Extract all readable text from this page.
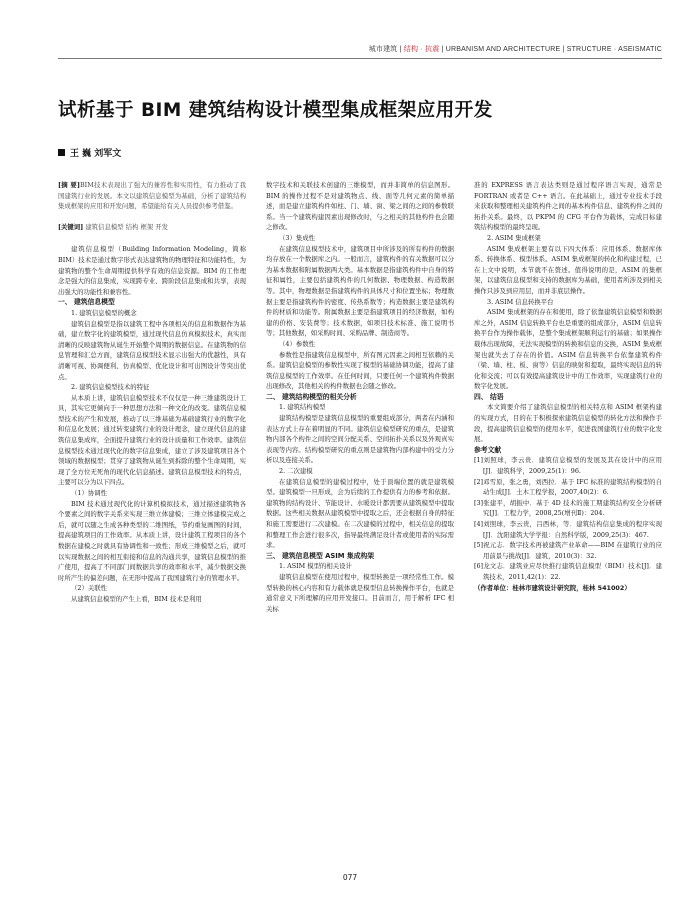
城市建筑 | 结构 · 抗震 | URBANISM AND ARCHITECTURE | STRUCTURE · ASEISMATIC
试析基于 BIM 建筑结构设计模型集成框架应用开发
王 巍 刘军文

[摘 要]BIM技术表现出了强大的兼容性和实用性，有力推动了我国建筑行业的发展。本文以建筑信息模型为基础，分析了建筑结构集成框架的应用和开发问题，希望能给有关人员提供参考借鉴。

[关键词] 建筑信息模型 结构 框架 开发

建筑信息模型（Building Information Modeling，简称BIM）技术是通过数字形式表达建筑物的物理特征和功能特性，为建筑物的整个生命周期提供科学有效的信息资源。BIM 的工作理念是强大的信息集成，实现跨专业、跨阶段信息集成和共享，表现出强大的功能性和兼容性。

一、 建筑信息模型

1. 建筑信息模型的概念

建筑信息模型是指以建筑工程中各项相关的信息和数据作为基础，建立数字化的建筑模型，通过现代信息仿真模拟技术，真实而清晰的反映建筑物从诞生开始整个周期的数据信息。在建筑物的信息管理和汇总方面，建筑信息模型技术显示出强大的优越性，具有清晰可视、协调便利、仿真模型、优化设计和可出图设计等突出优点。

2. 建筑信息模型技术的特征

从本质上讲，建筑信息模型技术不仅仅是一种三维建筑设计工具，其实它更倾向于一种思想方法和一种文化的改变。建筑信息模型技术的产生和发展，推动了以三维基础为基础建筑行业的数字化和信息化发展；通过转变建筑行业的设计理念，建立现代信息的建筑信息集成库，全面提升建筑行业的设计质量和工作效率。建筑信息模型技术通过现代化的数字信息集成，建立了涉及建筑项目各个领域的数据模型；贯穿了建筑物从诞生到拆除的整个生命周期，实现了全方位无死角的现代化信息描述。建筑信息模型技术的特点，主要可以分为以下四点。

（1）协调性

BIM 技术通过现代化的计算机模拟技术，通过描述建筑物各个要素之间的数字关系来实现三维立体建模；三维立体建模完成之后，就可以随之生成各种类型的二维图纸，节约重复画图的时间，提高建筑项目的工作效率。从本质上讲，设计建筑工程项目的各个数据在建模之时就具有协调性和一致性；形成三维模型之后，就可以实现数据之间的相互衔接和信息的沟通共享，建筑信息模型的推广使用，提高了不同部门间数据共享的效率和水平，减少数据交换时所产生的偏差问题，在无形中提高了我国建筑行业的管理水平。

（2）关联性

从建筑信息模型的产生上看，BIM 技术是利用

数字技术和关联技术创建的三维模型，而并非简单的信息图形。BIM 的操作过程不是对建筑物点、线、面等几何元素的简单描述，而是建立建筑构件如柱、门、墙、窗、梁之间的之间的参数联系。当一个建筑构建因素出现修改时，与之相关的其他构件也会随之修改。

（3）集成性

在建筑信息模型技术中，建筑项目中所涉及的所有构件的数据均存放在一个数据库之内。一般而言，建筑构件的有关数据可以分为基本数据和附属数据两大类。基本数据是指建筑构件中自身的特征和属性，主要包括建筑构件的几何数据、物理数据、构造数据等。其中，物理数据是指建筑构件的具体尺寸和位置坐标；物理数据主要是指建筑构件的密度、传热系数等；构造数据主要是建筑构件的材质和功能等。附属数据主要是指建筑项目的经济数据，如构建的价格、安装费等；技术数据，如项目技术标准、施工说明书等；其他数据，如采购时间、采购品牌、制造商等。

（4）参数性

参数性是指建筑信息模型中，所有图元因素之间相互依赖的关系。建筑信息模型的参数性实现了模型的基础协调功能，提高了建筑信息模型的工作效率。在任何时间，只要任何一个建筑构件数据出现修改，其他相关的构件数据也会随之修改。

二、 建筑结构模型的相关分析

1. 建筑结构模型

建筑结构模型是建筑信息模型的重要组成部分，两者在内涵和表达方式上存在着明显的不同。建筑信息模型研究的重点，是建筑物内部各个构件之间的空间分配关系、空间拓扑关系以及外观真实表现等内容。结构模型研究的重点则是建筑物内部构建中的受力分析以及连接关系。

2. 二次建模

在建筑信息模型的建模过程中，处于顶端位置的就是建筑模型。建筑模型一旦形成，会为后续的工作提供有力的参考和依据。建筑物的结构设计、节能设计、水暖设计都需要从建筑模型中提取数据。这些相关数据从建筑模型中提取之后，还会根据自身的特征和施工需要进行二次建模。在二次建模的过程中，相关信息的提取和整理工作会进行很多次，指导最终满足设计者或使用者的实际需求。

三、 建筑信息模型 ASIM 集成构架

1. ASIM 模型的相关设计

建筑信息模型在使用过程中，模型转换是一项经常性工作。模型转换的核心内容和有力载体就是模型信息转换操作平台，也就是通常意义下所理解的应用开发接口。目前而言，用于解析 IFC 相关标

准的 EXPRESS 语言表达类则是通过程序语言实现，通常是 FORTRAN 或者是 C++ 语言。在此基础上，通过专业技术手段来获取和整理相关建筑构件之间的基本构件信息、建筑构件之间的拓扑关系。最终，以 PKPM 的 CFG 平台作为载体，完成目标建筑结构模型的最终呈现。

2. ASIM 集成框架

ASIM 集成框架主要有以下四大体系：应用体系、数据库体系、转换体系、模型体系。ASIM 集成框架的转化和构建过程，已在上文中说明，本节就不在赘述。值得说明的是，ASIM 的集框架，以建筑信息模型和支持的数据库为基础，使用者所涉及到相关操作只涉及到应用层，而并非底层操作。

3. ASIM 信息转换平台

ASIM 集成框架的存在和使用，除了依靠建筑信息模型和数据库之外，ASIM 信息转换平台也是重要的组成部分，ASIM 信息转换平台作为操作载体，是整个集成框架顺利运行的基础；如果操作载体出现故障，无法实现模型的转换和信息的交换，ASIM 集成框架也就失去了存在的价值。ASIM 信息转换平台依靠建筑构件（梁、墙、柱、板、窗等）信息的映射和提取，最终实现信息的转化和交流；可以有效提高建筑设计中的工作效率，实现建筑行业的数字化发展。

四、 结语

本文简要介绍了建筑信息模型的相关特点和 ASIM 框架构建的实现方式，目的在于积极探索建筑信息模型的转化方法和操作手段，提高建筑信息模型的使用水平，促进我国建筑行业的数字化发展。

参考文献

[1]刘照球，李云贵．建筑信息模型的发展及其在设计中的应用[J]．建筑科学，2009,25(1)：96.

[2]邓雪原，张之勇，刘西拉．基于 IFC 标准的建筑结构模型的自动生成[J]．土木工程学报，2007,40(2)：6.

[3]张建平，胡振中．基于 4D 技术的施工期建筑结构安全分析研究[J]．工程力学，2008,25(增刊Ⅱ)：204.

[4]刘照球，李云贵，吕西林，等．建筑结构信息集成的程序实现[J]．沈阳建筑大学学报：自然科学版，2009,25(3)：467.

[5]祝元志．数字技术再被建筑产业革命——BIM 在建筑行业的应用前景与挑战[J]．建筑，2010(3)：32.

[6]龙文志．建筑业应尽快推行建筑信息模型（BIM）技术[J]．建筑技术，2011,42(1)：22.

（作者单位：桂林市建筑设计研究院，桂林 541002）

077
